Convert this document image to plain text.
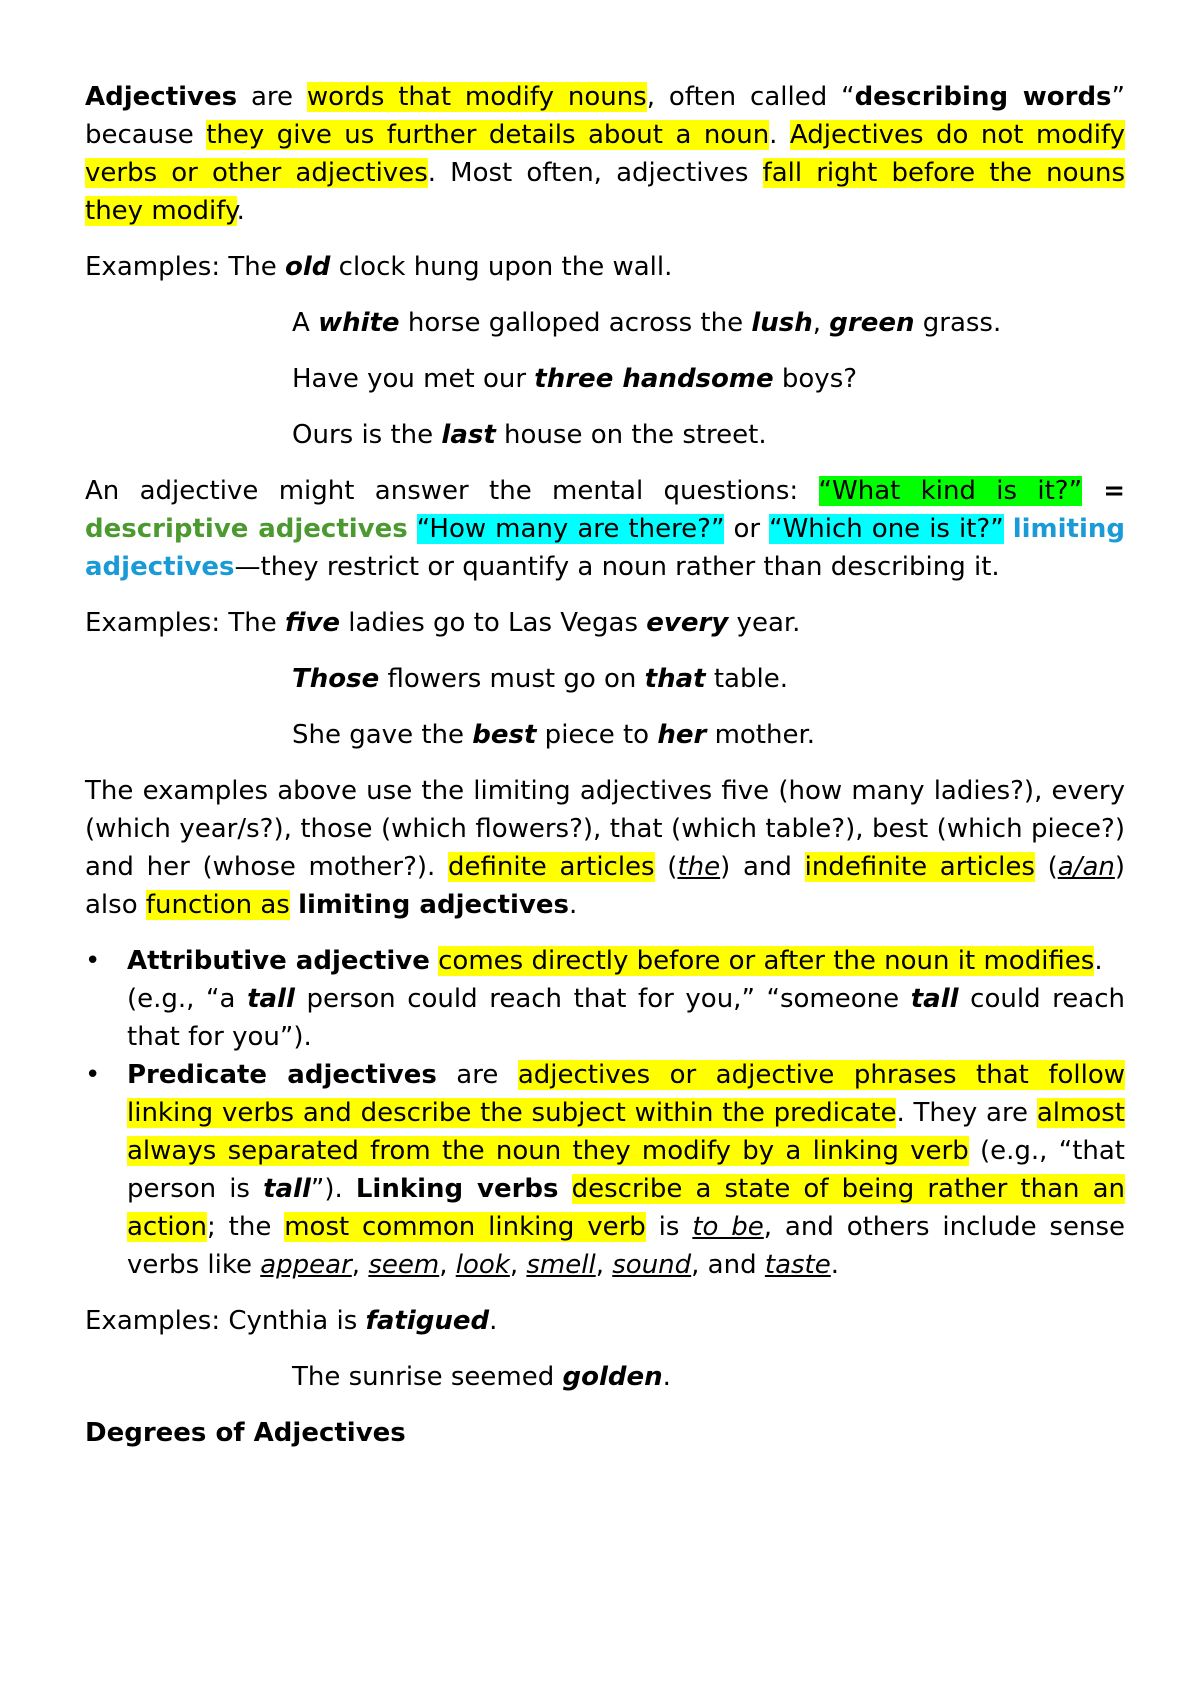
Adjectives are words that modify nouns, often called “describing words” because they give us further details about a noun. Adjectives do not modify verbs or other adjectives. Most often, adjectives fall right before the nouns they modify.

Examples: The old clock hung upon the wall.
A white horse galloped across the lush, green grass.
Have you met our three handsome boys?
Ours is the last house on the street.

An adjective might answer the mental questions: “What kind is it?” = descriptive adjectives “How many are there?” or “Which one is it?” limiting adjectives—they restrict or quantify a noun rather than describing it.

Examples: The five ladies go to Las Vegas every year.
Those flowers must go on that table.
She gave the best piece to her mother.

The examples above use the limiting adjectives five (how many ladies?), every (which year/s?), those (which flowers?), that (which table?), best (which piece?) and her (whose mother?). definite articles (the) and indefinite articles (a/an) also function as limiting adjectives.

• Attributive adjective comes directly before or after the noun it modifies.
(e.g., “a tall person could reach that for you,” “someone tall could reach that for you”).
• Predicate adjectives are adjectives or adjective phrases that follow linking verbs and describe the subject within the predicate. They are almost always separated from the noun they modify by a linking verb (e.g., “that person is tall”). Linking verbs describe a state of being rather than an action; the most common linking verb is to be, and others include sense verbs like appear, seem, look, smell, sound, and taste.
Examples: Cynthia is fatigued.
The sunrise seemed golden.

Degrees of Adjectives
